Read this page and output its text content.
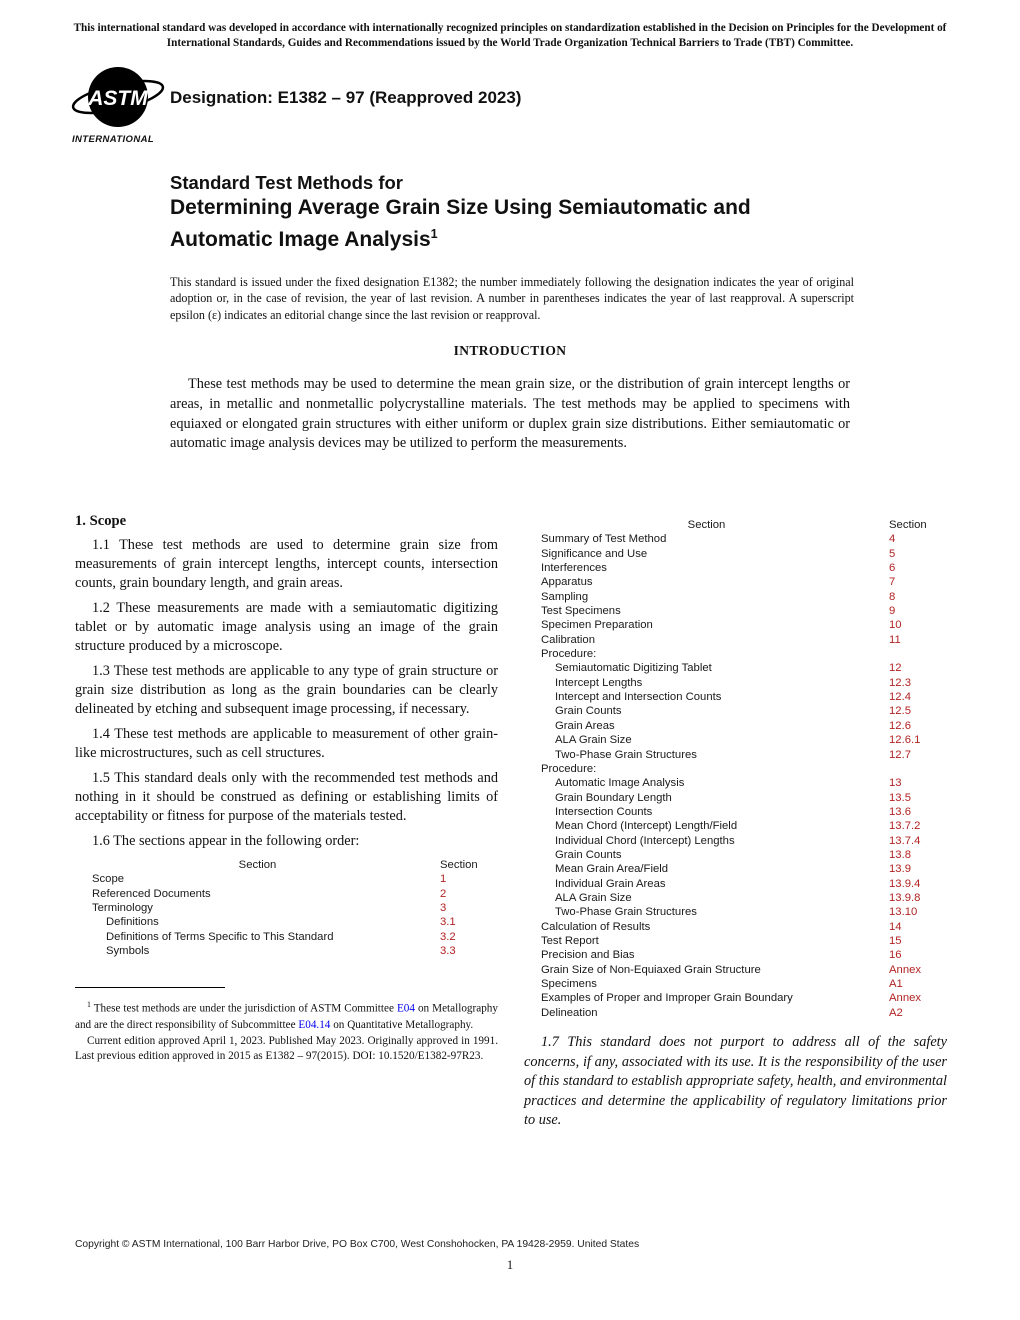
This international standard was developed in accordance with internationally recognized principles on standardization established in the Decision on Principles for the Development of International Standards, Guides and Recommendations issued by the World Trade Organization Technical Barriers to Trade (TBT) Committee.
ASTM
INTERNATIONAL
Designation: E1382 – 97 (Reapproved 2023)
Standard Test Methods for
Determining Average Grain Size Using Semiautomatic and
Automatic Image Analysis$^1$
This standard is issued under the fixed designation E1382; the number immediately following the designation indicates the year of original adoption or, in the case of revision, the year of last revision. A number in parentheses indicates the year of last reapproval. A superscript epsilon (ε) indicates an editorial change since the last revision or reapproval.
INTRODUCTION
These test methods may be used to determine the mean grain size, or the distribution of grain intercept lengths or areas, in metallic and nonmetallic polycrystalline materials. The test methods may be applied to specimens with equiaxed or elongated grain structures with either uniform or duplex grain size distributions. Either semiautomatic or automatic image analysis devices may be utilized to perform the measurements.
1. Scope
1.1 These test methods are used to determine grain size from measurements of grain intercept lengths, intercept counts, intersection counts, grain boundary length, and grain areas.
1.2 These measurements are made with a semiautomatic digitizing tablet or by automatic image analysis using an image of the grain structure produced by a microscope.
1.3 These test methods are applicable to any type of grain structure or grain size distribution as long as the grain boundaries can be clearly delineated by etching and subsequent image processing, if necessary.
1.4 These test methods are applicable to measurement of other grain-like microstructures, such as cell structures.
1.5 This standard deals only with the recommended test methods and nothing in it should be construed as defining or establishing limits of acceptability or fitness for purpose of the materials tested.
1.6 The sections appear in the following order:
Section	Section
Scope	1
Referenced Documents	2
Terminology	3
Definitions	3.1
Definitions of Terms Specific to This Standard	3.2
Symbols	3.3

$^1$ These test methods are under the jurisdiction of ASTM Committee E04 on Metallography and are the direct responsibility of Subcommittee E04.14 on Quantitative Metallography.

Current edition approved April 1, 2023. Published May 2023. Originally approved in 1991. Last previous edition approved in 2015 as E1382 – 97(2015). DOI: 10.1520/E1382-97R23.

Section	Section
Summary of Test Method	4
Significance and Use	5
Interferences	6
Apparatus	7
Sampling	8
Test Specimens	9
Specimen Preparation	10
Calibration	11
Procedure:
Semiautomatic Digitizing Tablet	12
Intercept Lengths	12.3
Intercept and Intersection Counts	12.4
Grain Counts	12.5
Grain Areas	12.6
ALA Grain Size	12.6.1
Two-Phase Grain Structures	12.7
Procedure:
Automatic Image Analysis	13
Grain Boundary Length	13.5
Intersection Counts	13.6
Mean Chord (Intercept) Length/Field	13.7.2
Individual Chord (Intercept) Lengths	13.7.4
Grain Counts	13.8
Mean Grain Area/Field	13.9
Individual Grain Areas	13.9.4
ALA Grain Size	13.9.8
Two-Phase Grain Structures	13.10
Calculation of Results	14
Test Report	15
Precision and Bias	16
Grain Size of Non-Equiaxed Grain Structure	Annex
Specimens	A1
Examples of Proper and Improper Grain Boundary	Annex
Delineation	A2
1.7 This standard does not purport to address all of the safety concerns, if any, associated with its use. It is the responsibility of the user of this standard to establish appropriate safety, health, and environmental practices and determine the applicability of regulatory limitations prior to use.
Copyright © ASTM International, 100 Barr Harbor Drive, PO Box C700, West Conshohocken, PA 19428-2959. United States
1
